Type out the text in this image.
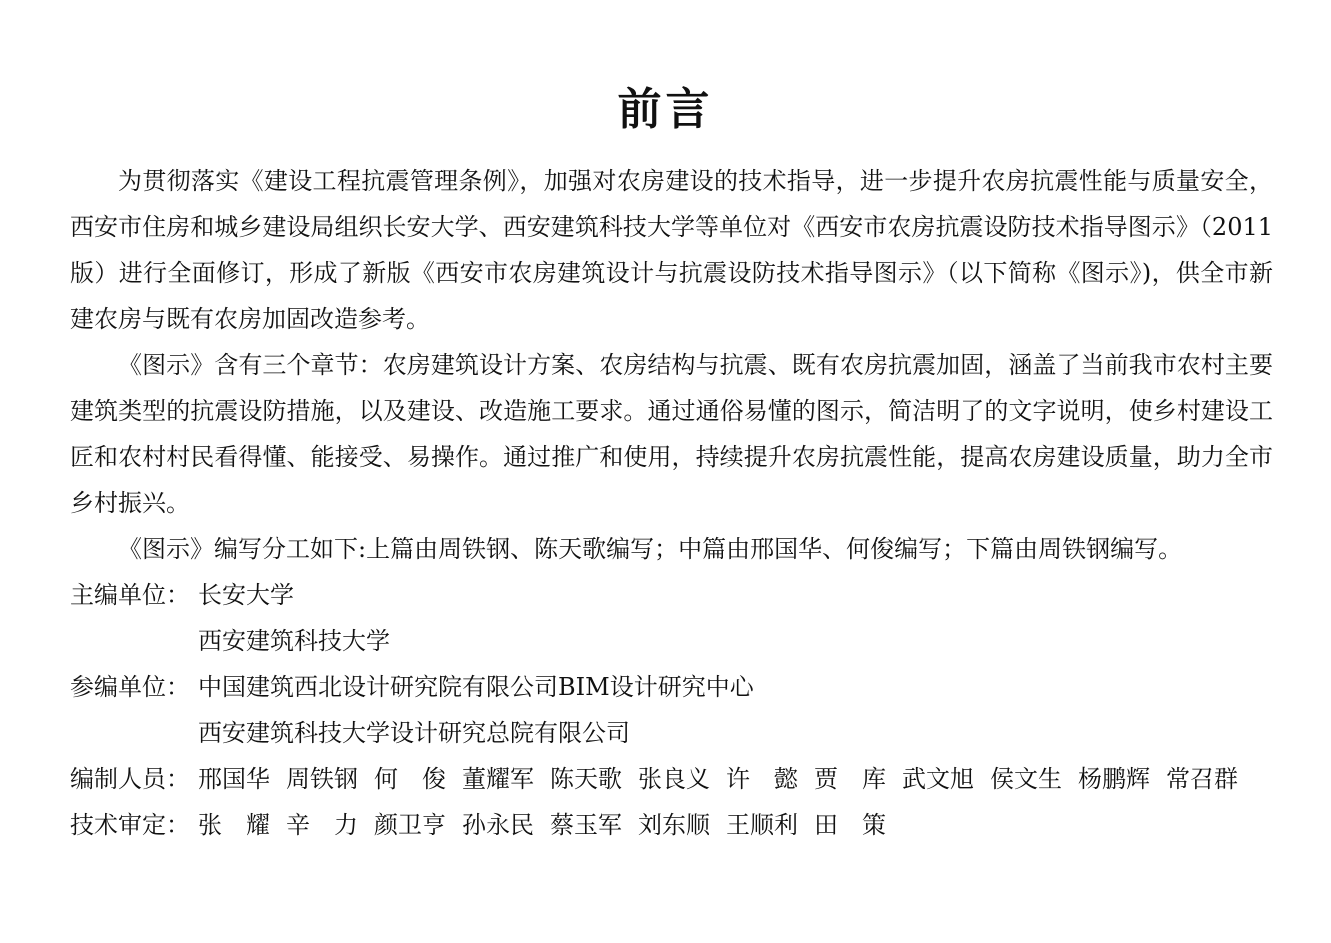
前言

为贯彻落实《建设工程抗震管理条例》，加强对农房建设的技术指导，进一步提升农房抗震性能与质量安全，西安市住房和城乡建设局组织长安大学、西安建筑科技大学等单位对《西安市农房抗震设防技术指导图示》（2011版）进行全面修订，形成了新版《西安市农房建筑设计与抗震设防技术指导图示》（以下简称《图示》)，供全市新建农房与既有农房加固改造参考。

《图示》含有三个章节：农房建筑设计方案、农房结构与抗震、既有农房抗震加固，涵盖了当前我市农村主要建筑类型的抗震设防措施，以及建设、改造施工要求。通过通俗易懂的图示，简洁明了的文字说明，使乡村建设工匠和农村村民看得懂、能接受、易操作。通过推广和使用，持续提升农房抗震性能，提高农房建设质量，助力全市乡村振兴。

《图示》编写分工如下:上篇由周铁钢、陈天歌编写；中篇由邢国华、何俊编写；下篇由周铁钢编写。

主编单位： 长安大学
西安建筑科技大学
参编单位： 中国建筑西北设计研究院有限公司BIM设计研究中心
西安建筑科技大学设计研究总院有限公司
编制人员： 邢国华 周铁钢 何　俊 董耀军 陈天歌 张良义 许　懿 贾　库 武文旭 侯文生 杨鹏辉 常召群
技术审定： 张　耀 辛　力 颜卫亨 孙永民 蔡玉军 刘东顺 王顺利 田　策
